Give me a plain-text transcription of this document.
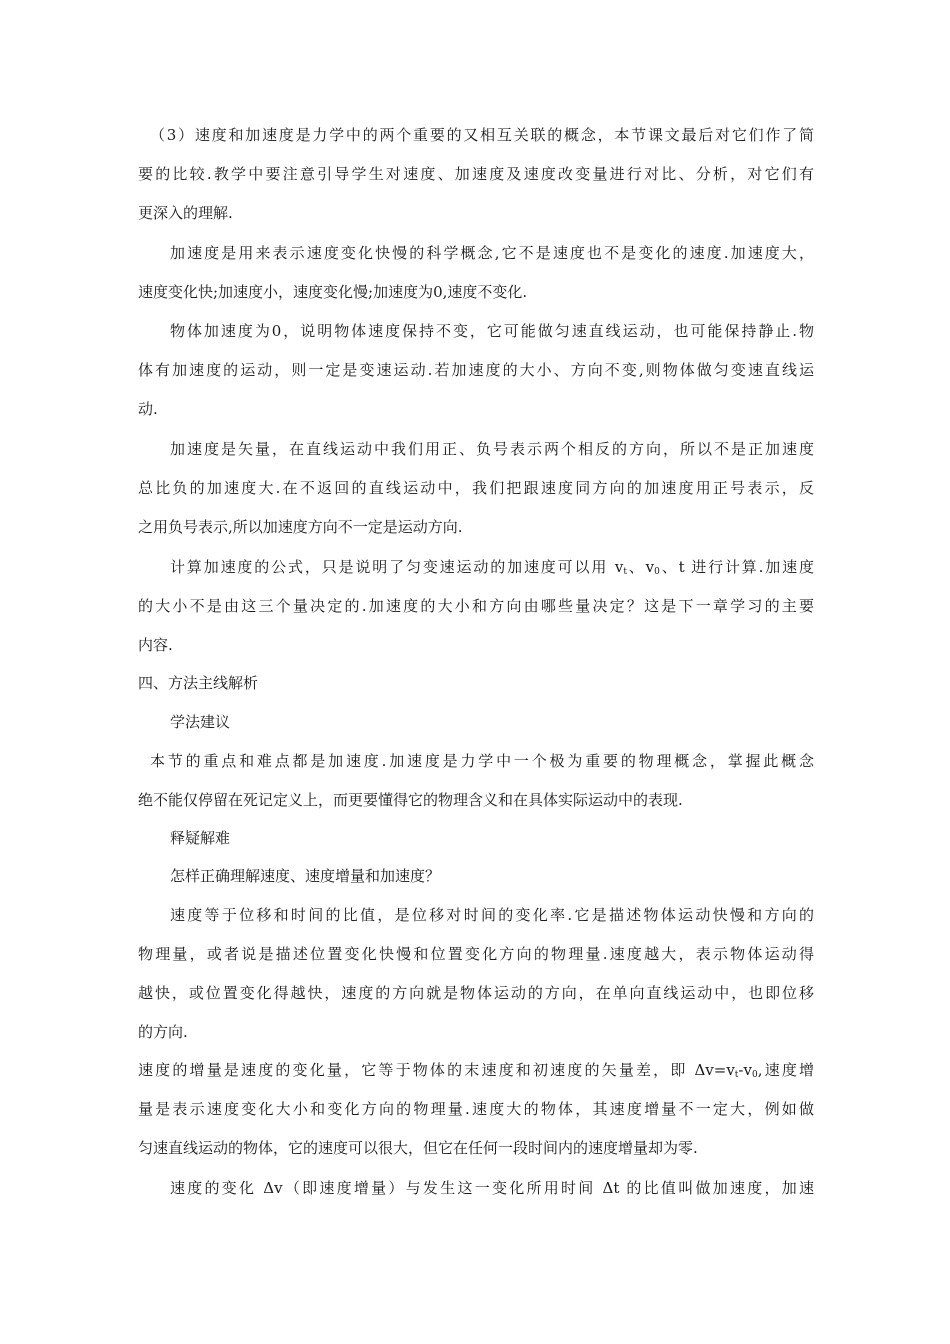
（3）速度和加速度是力学中的两个重要的又相互关联的概念，本节课文最后对它们作了简
要的比较.教学中要注意引导学生对速度、加速度及速度改变量进行对比、分析，对它们有
更深入的理解.
加速度是用来表示速度变化快慢的科学概念,它不是速度也不是变化的速度.加速度大，
速度变化快;加速度小，速度变化慢;加速度为0,速度不变化.
物体加速度为0，说明物体速度保持不变，它可能做匀速直线运动，也可能保持静止.物
体有加速度的运动，则一定是变速运动.若加速度的大小、方向不变,则物体做匀变速直线运
动.
加速度是矢量，在直线运动中我们用正、负号表示两个相反的方向，所以不是正加速度
总比负的加速度大.在不返回的直线运动中，我们把跟速度同方向的加速度用正号表示，反
之用负号表示,所以加速度方向不一定是运动方向.
计算加速度的公式，只是说明了匀变速运动的加速度可以用 $v_t$、$v_0$、t 进行计算.加速度
的大小不是由这三个量决定的.加速度的大小和方向由哪些量决定？这是下一章学习的主要
内容.
四、方法主线解析
学法建议
本节的重点和难点都是加速度.加速度是力学中一个极为重要的物理概念，掌握此概念
绝不能仅停留在死记定义上，而更要懂得它的物理含义和在具体实际运动中的表现.
释疑解难
怎样正确理解速度、速度增量和加速度？
速度等于位移和时间的比值，是位移对时间的变化率.它是描述物体运动快慢和方向的
物理量，或者说是描述位置变化快慢和位置变化方向的物理量.速度越大，表示物体运动得
越快，或位置变化得越快，速度的方向就是物体运动的方向，在单向直线运动中，也即位移
的方向.
速度的增量是速度的变化量，它等于物体的末速度和初速度的矢量差，即 $\Delta v=v_t-v_0$,速度增
量是表示速度变化大小和变化方向的物理量.速度大的物体，其速度增量不一定大，例如做
匀速直线运动的物体，它的速度可以很大，但它在任何一段时间内的速度增量却为零.
速度的变化 Δv（即速度增量）与发生这一变化所用时间 Δt 的比值叫做加速度，加速
